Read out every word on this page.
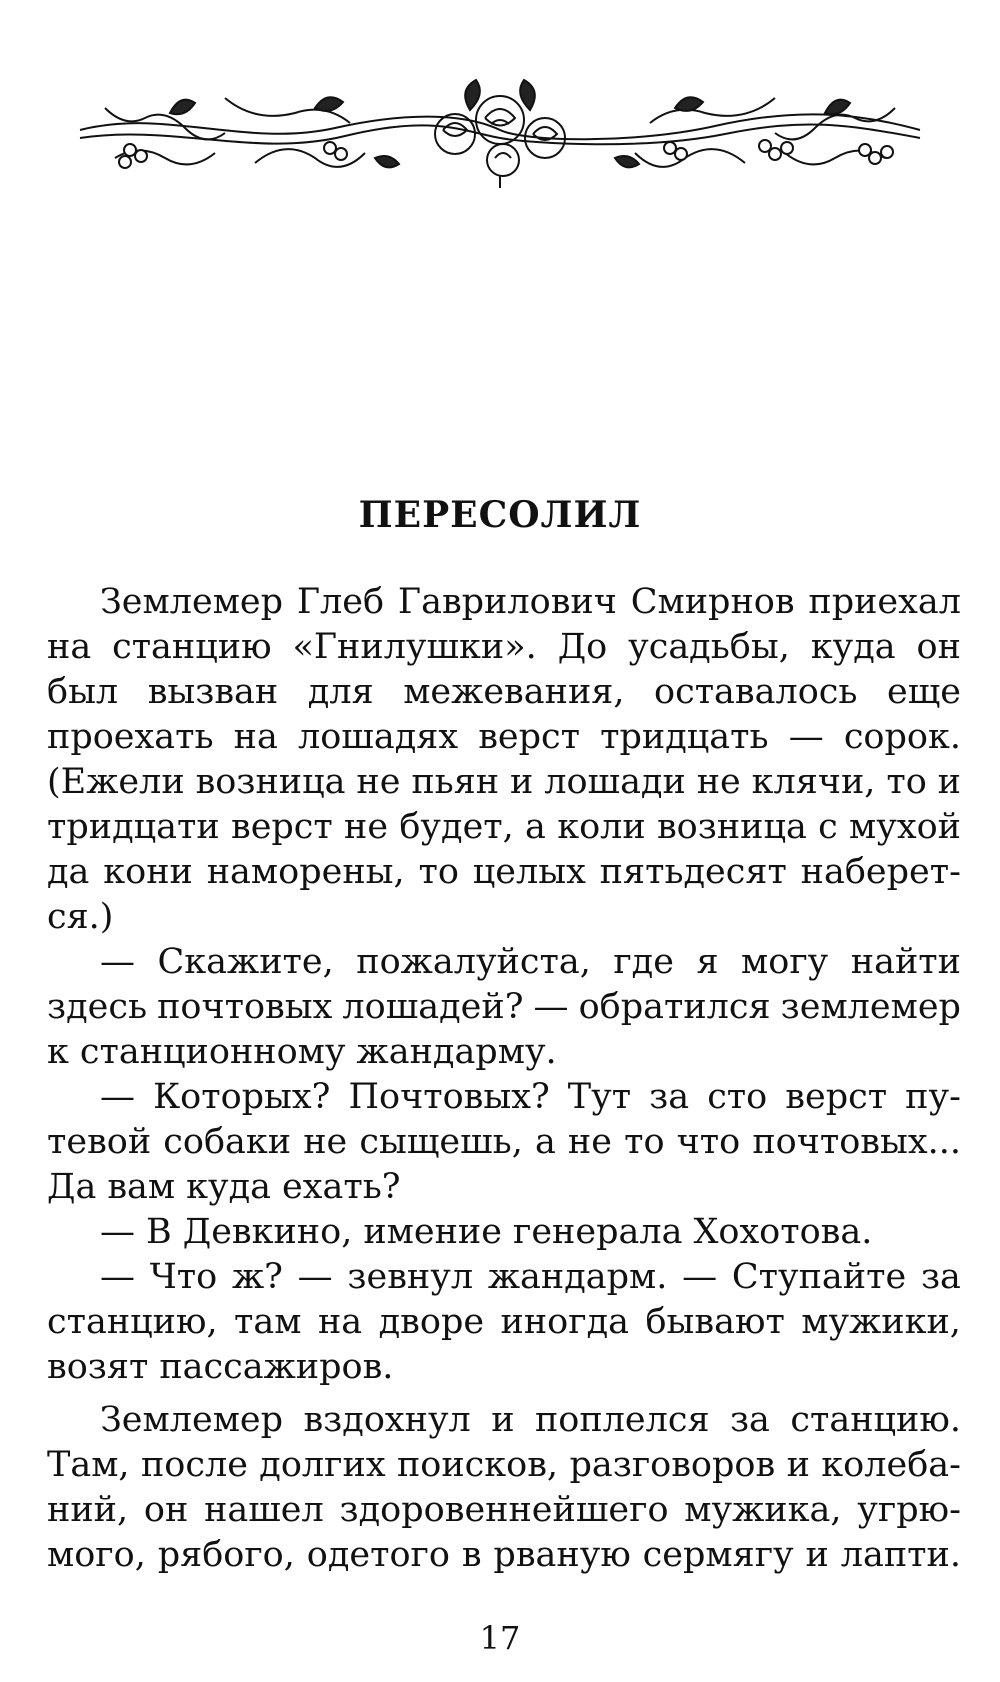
ПЕРЕСОЛИЛ
Землемер Глеб Гаврилович Смирнов приехал
на станцию «Гнилушки». До усадьбы, куда он
был вызван для межевания, оставалось еще
проехать на лошадях верст тридцать — сорок.
(Ежели возница не пьян и лошади не клячи, то и
тридцати верст не будет, а коли возница с мухой
да кони наморены, то целых пятьдесят наберет-
ся.)
— Скажите, пожалуйста, где я могу найти
здесь почтовых лошадей? — обратился землемер
к станционному жандарму.
— Которых? Почтовых? Тут за сто верст пу-
тевой собаки не сыщешь, а не то что почтовых...
Да вам куда ехать?
— В Девкино, имение генерала Хохотова.
— Что ж? — зевнул жандарм. — Ступайте за
станцию, там на дворе иногда бывают мужики,
возят пассажиров.
Землемер вздохнул и поплелся за станцию.
Там, после долгих поисков, разговоров и колеба-
ний, он нашел здоровеннейшего мужика, угрю-
мого, рябого, одетого в рваную сермягу и лапти.
17
